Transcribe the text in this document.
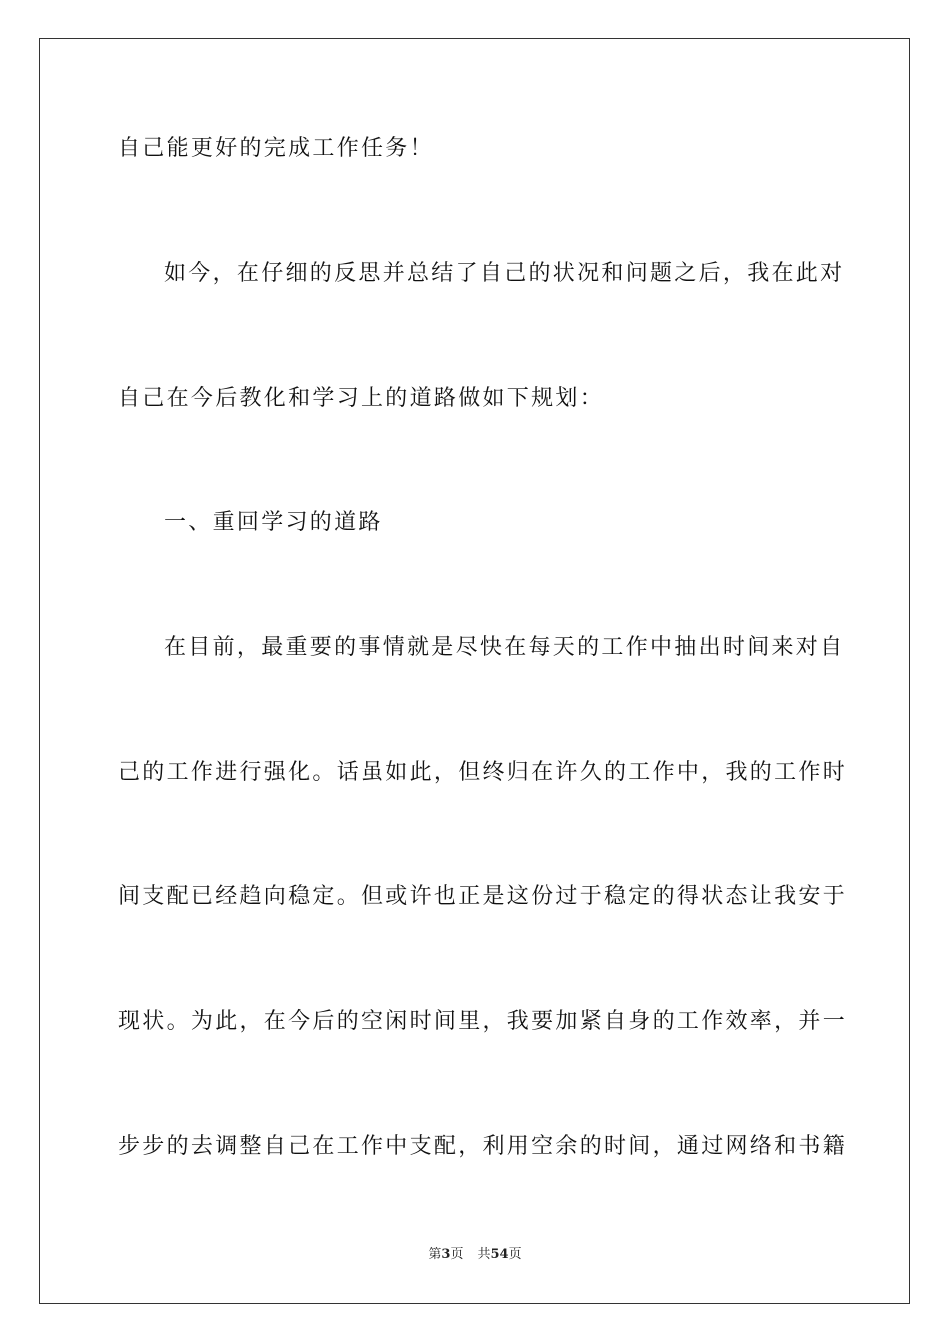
自己能更好的完成工作任务！
如今，在仔细的反思并总结了自己的状况和问题之后，我在此对
自己在今后教化和学习上的道路做如下规划：
一、重回学习的道路
在目前，最重要的事情就是尽快在每天的工作中抽出时间来对自
己的工作进行强化。话虽如此，但终归在许久的工作中，我的工作时
间支配已经趋向稳定。但或许也正是这份过于稳定的得状态让我安于
现状。为此，在今后的空闲时间里，我要加紧自身的工作效率，并一
步步的去调整自己在工作中支配，利用空余的时间，通过网络和书籍
第3页 共54页
